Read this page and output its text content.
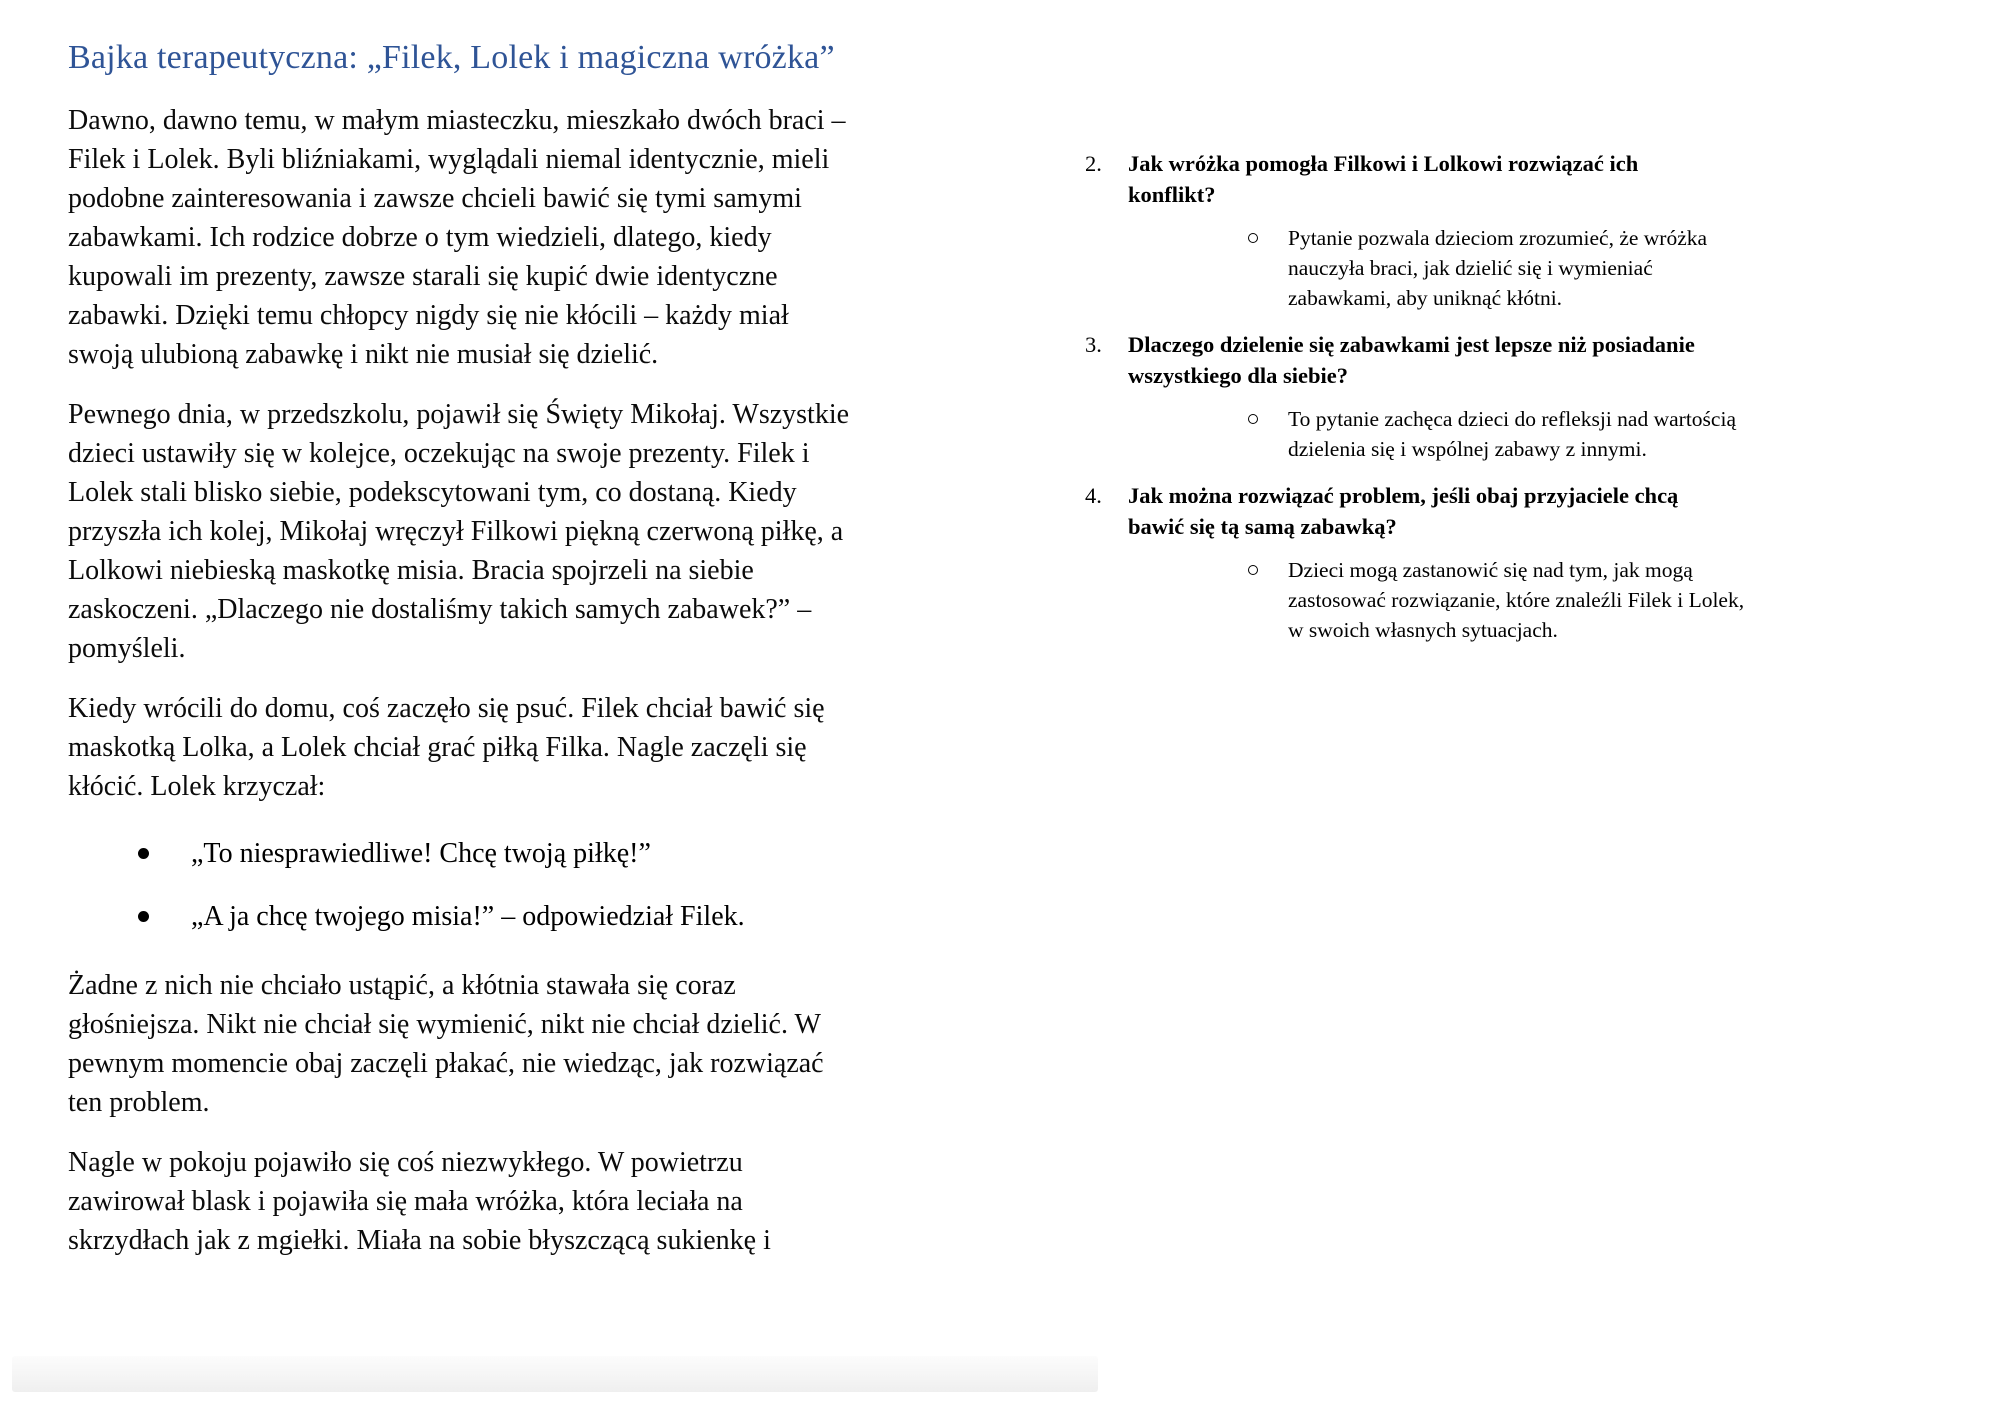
Bajka terapeutyczna: „Filek, Lolek i magiczna wróżka”

Dawno, dawno temu, w małym miasteczku, mieszkało dwóch braci – Filek i Lolek. Byli bliźniakami, wyglądali niemal identycznie, mieli podobne zainteresowania i zawsze chcieli bawić się tymi samymi zabawkami. Ich rodzice dobrze o tym wiedzieli, dlatego, kiedy kupowali im prezenty, zawsze starali się kupić dwie identyczne zabawki. Dzięki temu chłopcy nigdy się nie kłócili – każdy miał swoją ulubioną zabawkę i nikt nie musiał się dzielić.

Pewnego dnia, w przedszkolu, pojawił się Święty Mikołaj. Wszystkie dzieci ustawiły się w kolejce, oczekując na swoje prezenty. Filek i Lolek stali blisko siebie, podekscytowani tym, co dostaną. Kiedy przyszła ich kolej, Mikołaj wręczył Filkowi piękną czerwoną piłkę, a Lolkowi niebieską maskotkę misia. Bracia spojrzeli na siebie zaskoczeni. „Dlaczego nie dostaliśmy takich samych zabawek?” – pomyśleli.

Kiedy wrócili do domu, coś zaczęło się psuć. Filek chciał bawić się maskotką Lolka, a Lolek chciał grać piłką Filka. Nagle zaczęli się kłócić. Lolek krzyczał:

„To niesprawiedliwe! Chcę twoją piłkę!”
„A ja chcę twojego misia!” – odpowiedział Filek.

Żadne z nich nie chciało ustąpić, a kłótnia stawała się coraz głośniejsza. Nikt nie chciał się wymienić, nikt nie chciał dzielić. W pewnym momencie obaj zaczęli płakać, nie wiedząc, jak rozwiązać ten problem.

Nagle w pokoju pojawiło się coś niezwykłego. W powietrzu zawirował blask i pojawiła się mała wróżka, która leciała na skrzydłach jak z mgiełki. Miała na sobie błyszczącą sukienkę i

2.	Jak wróżka pomogła Filkowi i Lolkowi rozwiązać ich konflikt?
Pytanie pozwala dzieciom zrozumieć, że wróżka nauczyła braci, jak dzielić się i wymieniać zabawkami, aby uniknąć kłótni.
3.	Dlaczego dzielenie się zabawkami jest lepsze niż posiadanie wszystkiego dla siebie?
To pytanie zachęca dzieci do refleksji nad wartością dzielenia się i wspólnej zabawy z innymi.
4.	Jak można rozwiązać problem, jeśli obaj przyjaciele chcą bawić się tą samą zabawką?
Dzieci mogą zastanowić się nad tym, jak mogą zastosować rozwiązanie, które znaleźli Filek i Lolek, w swoich własnych sytuacjach.
